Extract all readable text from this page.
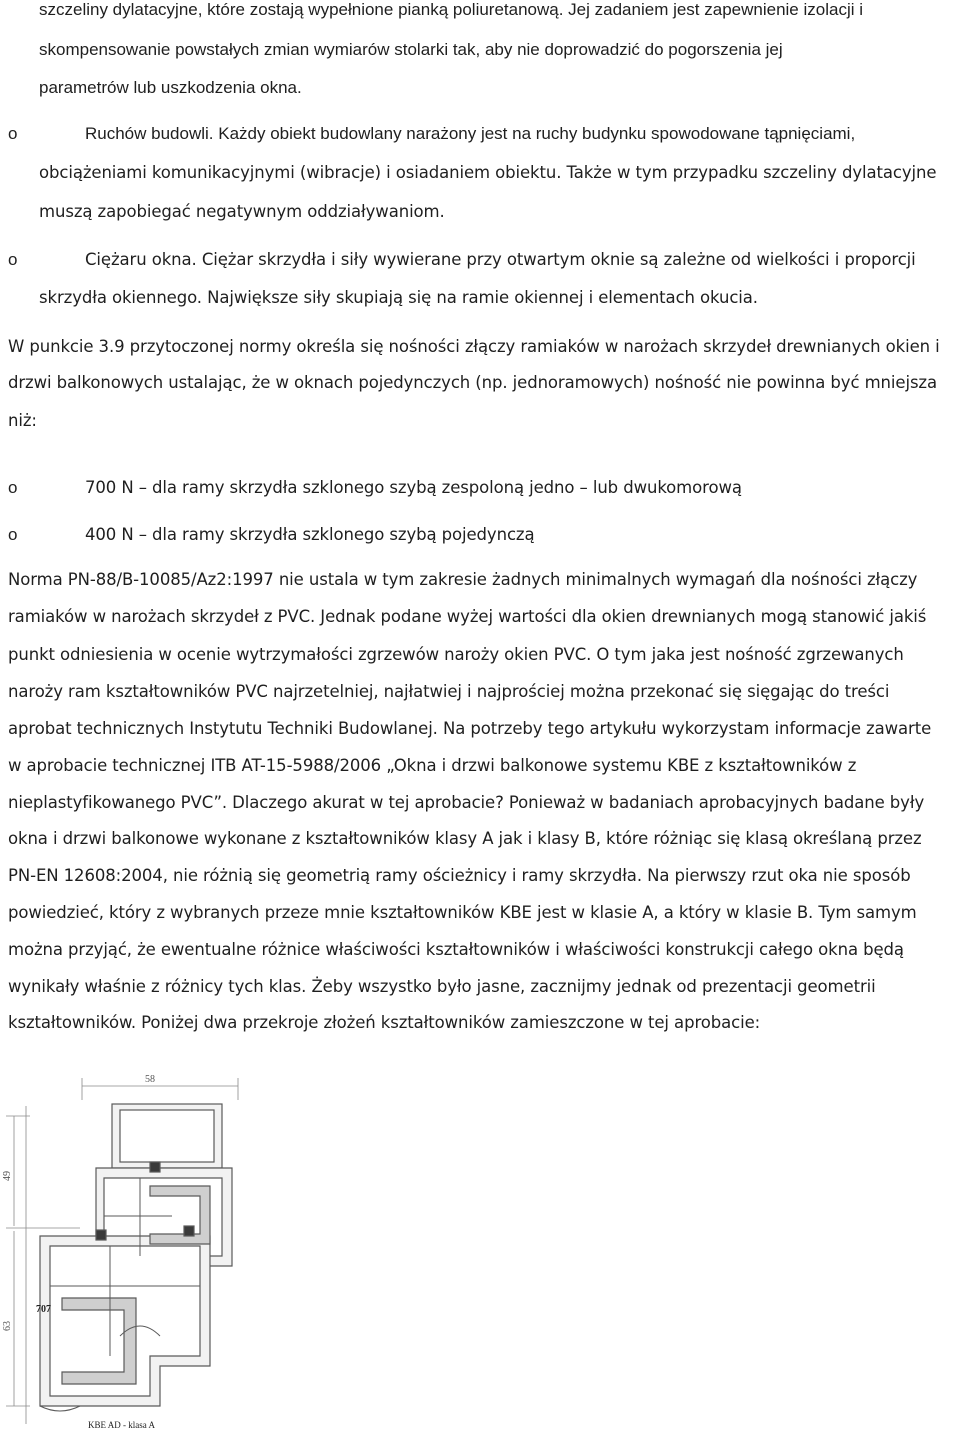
szczeliny dylatacyjne, które zostają wypełnione pianką poliuretanową. Jej zadaniem jest zapewnienie izolacji i
skompensowanie powstałych zmian wymiarów stolarki tak, aby nie doprowadzić do pogorszenia jej
parametrów lub uszkodzenia okna.
o	Ruchów budowli. Każdy obiekt budowlany narażony jest na ruchy budynku spowodowane tąpnięciami,
obciążeniami komunikacyjnymi (wibracje) i osiadaniem obiektu. Także w tym przypadku szczeliny dylatacyjne
muszą zapobiegać negatywnym oddziaływaniom.
o	Ciężaru okna. Ciężar skrzydła i siły wywierane przy otwartym oknie są zależne od wielkości i proporcji
skrzydła okiennego. Największe siły skupiają się na ramie okiennej i elementach okucia.
W punkcie 3.9 przytoczonej normy określa się nośności złączy ramiaków w narożach skrzydeł drewnianych okien i
drzwi balkonowych ustalając, że w oknach pojedynczych (np. jednoramowych) nośność nie powinna być mniejsza
niż:
o	700 N – dla ramy skrzydła szklonego szybą zespoloną jedno – lub dwukomorową
o	400 N – dla ramy skrzydła szklonego szybą pojedynczą
Norma PN-88/B-10085/Az2:1997 nie ustala w tym zakresie żadnych minimalnych wymagań dla nośności złączy
ramiaków w narożach skrzydeł z PVC. Jednak podane wyżej wartości dla okien drewnianych mogą stanowić jakiś
punkt odniesienia w ocenie wytrzymałości zgrzewów naroży okien PVC. O tym jaka jest nośność zgrzewanych
naroży ram kształtowników PVC najrzetelniej, najłatwiej i najprościej można przekonać się sięgając do treści
aprobat technicznych Instytutu Techniki Budowlanej. Na potrzeby tego artykułu wykorzystam informacje zawarte
w aprobacie technicznej ITB AT-15-5988/2006 „Okna i drzwi balkonowe systemu KBE z kształtowników z
nieplastyfikowanego PVC”. Dlaczego akurat w tej aprobacie? Ponieważ w badaniach aprobacyjnych badane były
okna i drzwi balkonowe wykonane z kształtowników klasy A jak i klasy B, które różniąc się klasą określaną przez
PN-EN 12608:2004, nie różnią się geometrią ramy ościeżnicy i ramy skrzydła. Na pierwszy rzut oka nie sposób
powiedzieć, który z wybranych przeze mnie kształtowników KBE jest w klasie A, a który w klasie B. Tym samym
można przyjąć, że ewentualne różnice właściwości kształtowników i właściwości konstrukcji całego okna będą
wynikały właśnie z różnicy tych klas. Żeby wszystko było jasne, zacznijmy jednak od prezentacji geometrii
kształtowników. Poniżej dwa przekroje złożeń kształtowników zamieszczone w tej aprobacie:
58
49
63
707
KBE AD - klasa A
